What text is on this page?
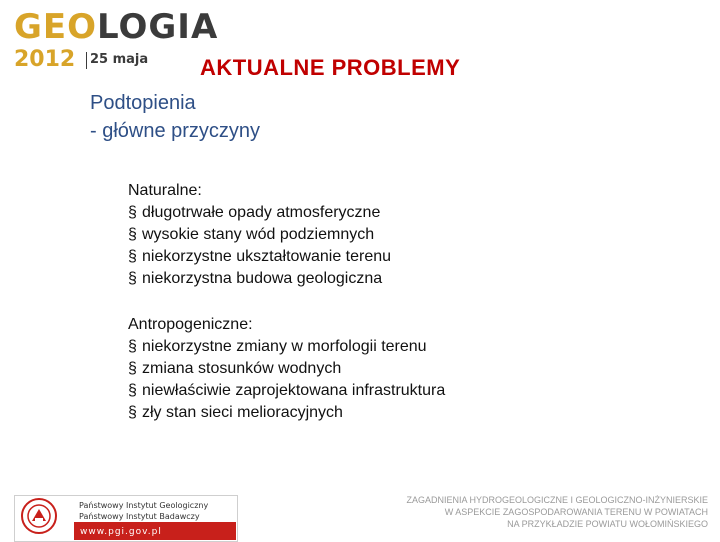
GEOLOGIA
2012 25 maja AKTUALNE PROBLEMY
Podtopienia
- główne przyczyny
Naturalne:
§ długotrwałe opady atmosferyczne
§ wysokie stany wód podziemnych
§ niekorzystne ukształtowanie terenu
§ niekorzystna budowa geologiczna
Antropogeniczne:
§ niekorzystne zmiany w morfologii terenu
§ zmiana stosunków wodnych
§ niewłaściwie zaprojektowana infrastruktura
§ zły stan sieci melioracyjnych
Państwowy Instytut Geologiczny
Państwowy Instytut Badawczy
www.pgi.gov.pl
ZAGADNIENIA HYDROGEOLOGICZNE I GEOLOGICZNO-INŻYNIERSKIE
W ASPEKCIE ZAGOSPODAROWANIA TERENU W POWIATACH
NA PRZYKŁADZIE POWIATU WOŁOMIŃSKIEGO
